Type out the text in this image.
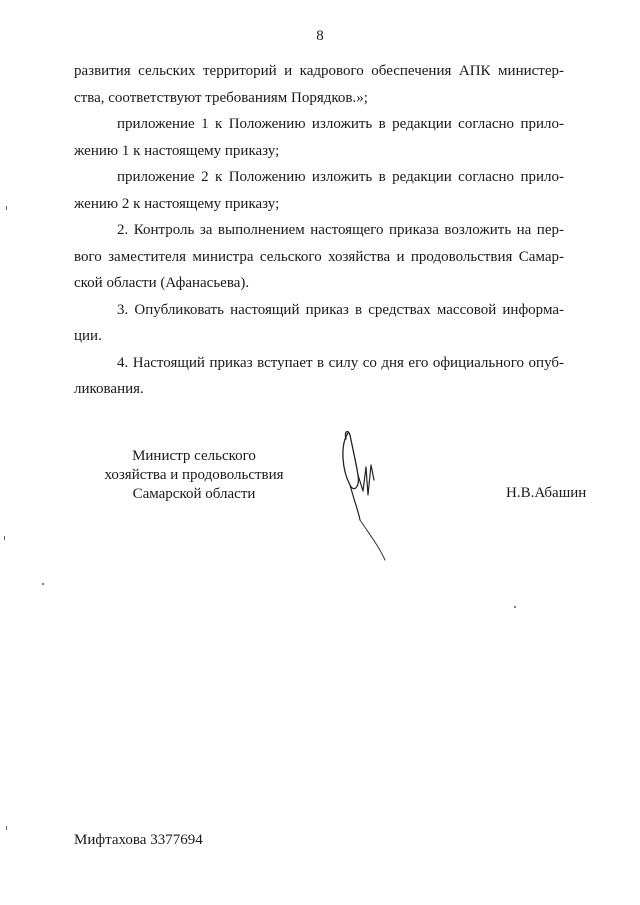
8
развития сельских территорий и кадрового обеспечения АПК министер-
ства, соответствуют требованиям Порядков.»;
приложение 1 к Положению изложить в редакции согласно прило-
жению 1 к настоящему приказу;
приложение 2 к Положению изложить в редакции согласно прило-
жению 2 к настоящему приказу;
2. Контроль за выполнением настоящего приказа возложить на пер-
вого заместителя министра сельского хозяйства и продовольствия Самар-
ской области (Афанасьева).
3. Опубликовать настоящий приказ в средствах массовой информа-
ции.
4. Настоящий приказ вступает в силу со дня его официального опуб-
ликования.
Министр сельского
хозяйства и продовольствия
Самарской области	Н.В.Абашин
Мифтахова 3377694
